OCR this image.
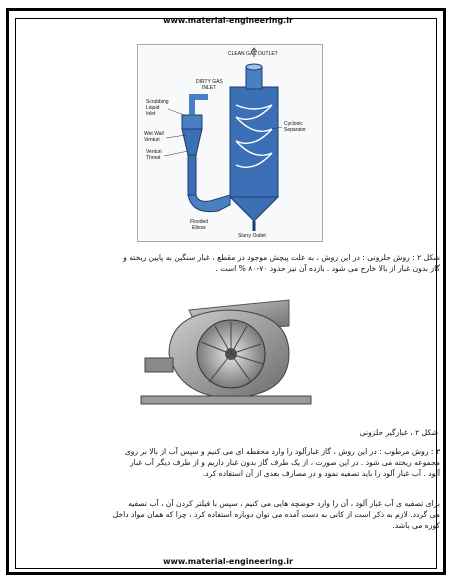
www.material-engineering.ir
CLEAN GAS OUTLET
DIRTY GAS
INLET
Scrubbing
Liquid
Inlet
Wet Wall
Venturi
Venturi
Throat
Cyclonic
Separator
Flooded
Elbow
Slurry Outlet
شکل ۲ : روش حلزونی : در این روش ، به علت پیچش موجود در مقطع ، غبار سنگین به پایین ریخته و
گاز بدون غبار از بالا خارج می شود . بازده آن نیز حدود ۷۰-۸۰ % است .
شکل ۲ ، غبارگیر حلزونی
۳ : روش مرطوب : در این روش ، گاز غبارآلود را وارد محفظه ای می کنیم و سپس آب از بالا بر روی
مجموعه ریخته می شود . در این صورت ، از یک طرف گاز بدون غبار داریم و از طرف دیگر آب غبار
آلود . آب غبار آلود را باید تصفیه نمود و در مصارف بعدی از آن استفاده کرد.
برای تصفیه ی آب غبار آلود ، آن را وارد حوضچه هایی می کنیم ، سپس با فیلتر کردن آن ، آب تصفیه
می گردد. لازم به ذکر است از کانی به دست آمده می توان دوباره استفاده کرد ، چرا که همان مواد داخل
کوره می باشد.
www.material-engineering.ir
